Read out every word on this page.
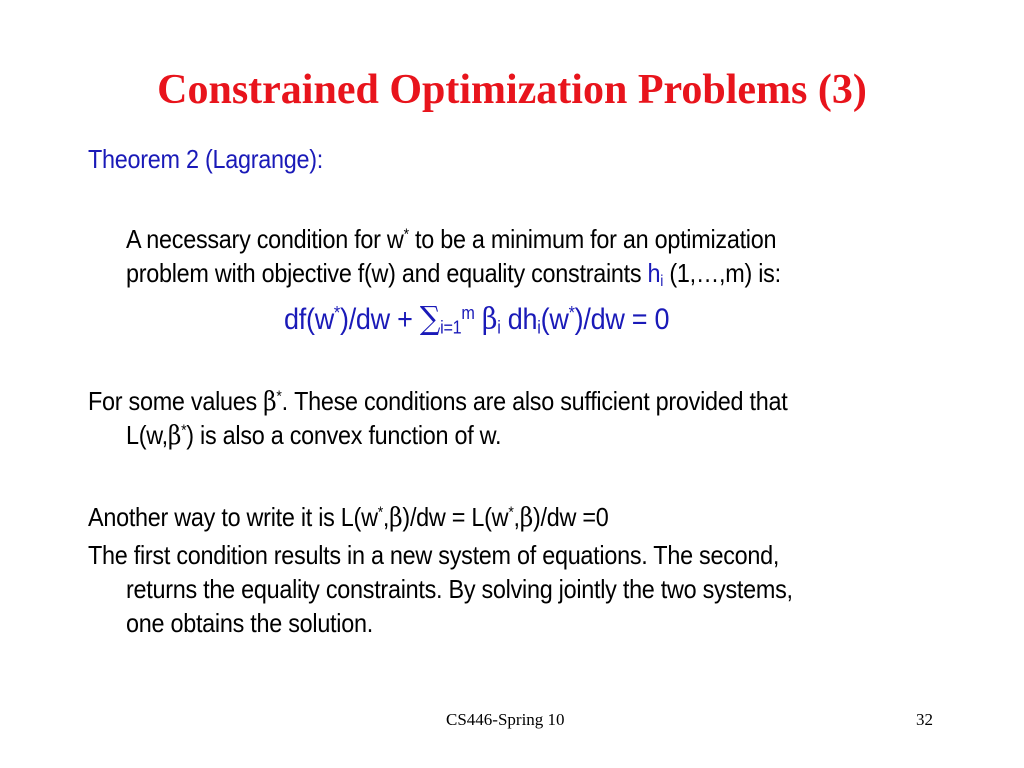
Constrained Optimization Problems (3)
Theorem 2 (Lagrange):
A necessary condition for w* to be a minimum for an optimization
problem with objective f(w) and equality constraints $h_i$ (1,…,m) is:
$df(w^*)/dw + \sum_{i=1}^m$ $\beta_i$ $dh_i(w^*)/dw = 0$
For some values β*. These conditions are also sufficient provided that
L(w,β*) is also a convex function of w.
Another way to write it is L(w*,β)/dw = L(w*,β)/dw =0
The first condition results in a new system of equations. The second,
returns the equality constraints. By solving jointly the two systems,
one obtains the solution.
CS446-Spring 10	32
